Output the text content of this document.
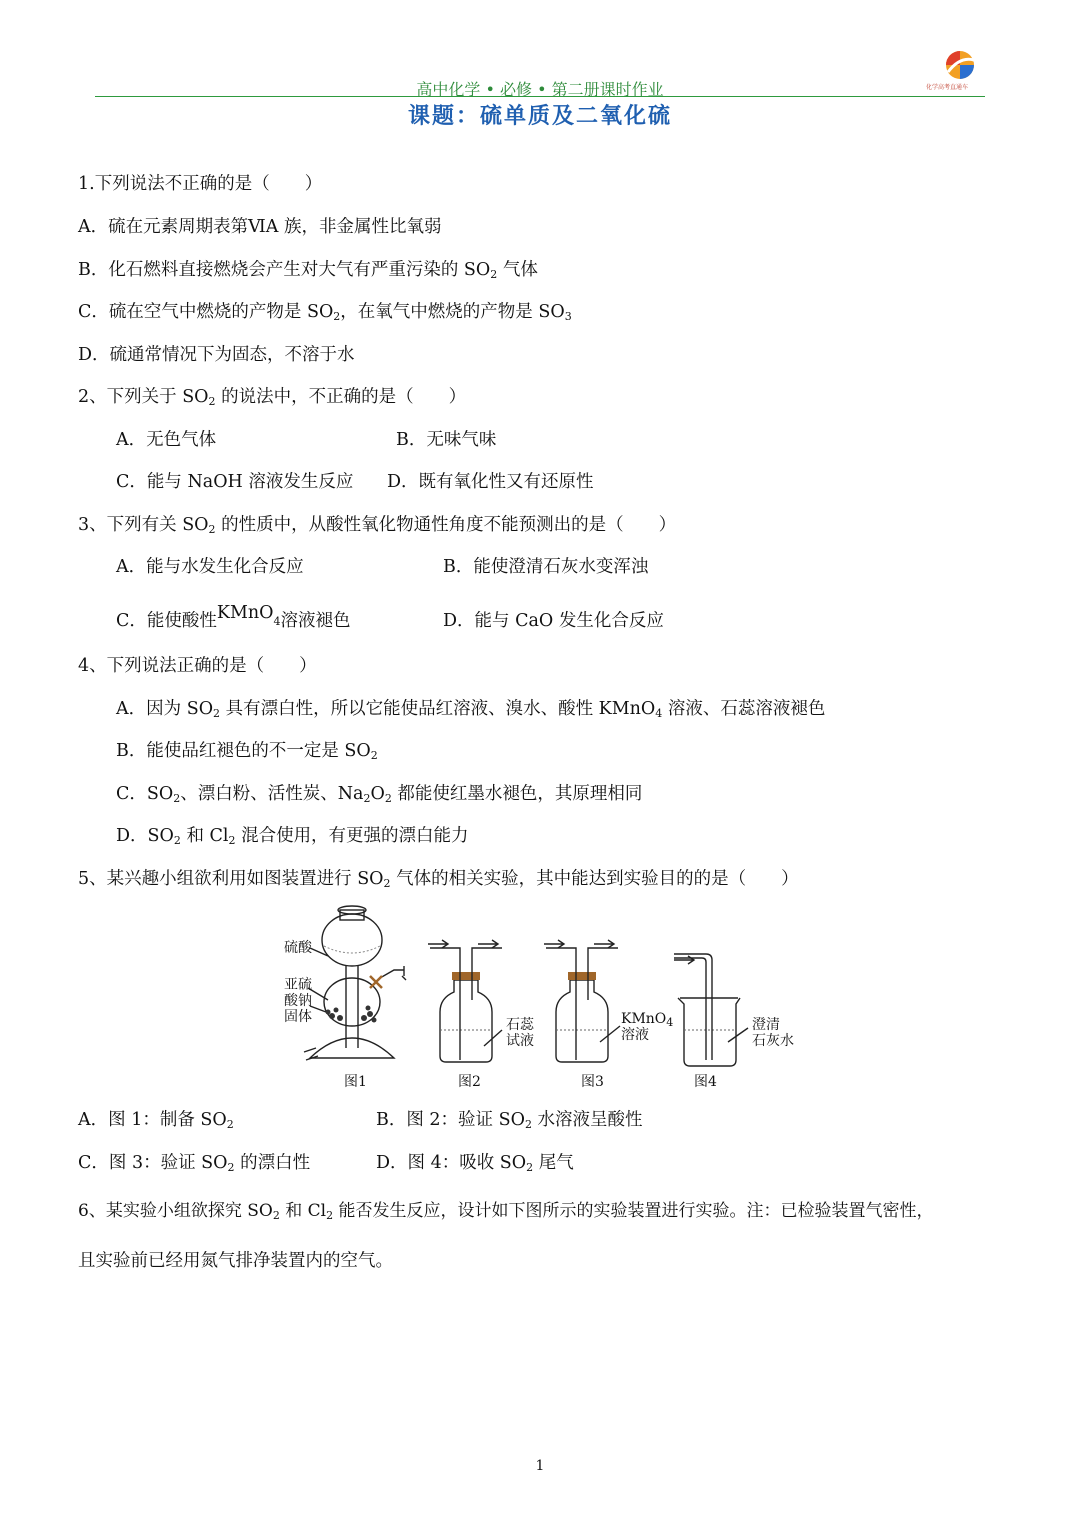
高中化学 • 必修 • 第二册课时作业	化学高考直通车
课题：硫单质及二氧化硫
1.下列说法不正确的是（　　）
A．硫在元素周期表第ⅥA 族，非金属性比氧弱
B．化石燃料直接燃烧会产生对大气有严重污染的 $SO_2$ 气体
C．硫在空气中燃烧的产物是 $SO_2$，在氧气中燃烧的产物是 $SO_3$
D．硫通常情况下为固态，不溶于水
2、下列关于 $SO_2$ 的说法中，不正确的是（　　）
A．无色气体	B．无味气味
C．能与 NaOH 溶液发生反应 D．既有氧化性又有还原性
3、下列有关 $SO_2$ 的性质中，从酸性氧化物通性角度不能预测出的是（　　）
A．能与水发生化合反应	B．能使澄清石灰水变浑浊
C．能使酸性KMnO$_4$溶液褪色	D．能与 CaO 发生化合反应
4、下列说法正确的是（　　）
A．因为 $SO_2$ 具有漂白性，所以它能使品红溶液、溴水、酸性 KMnO$_4$ 溶液、石蕊溶液褪色
B．能使品红褪色的不一定是 $SO_2$
C．$SO_2$、漂白粉、活性炭、$Na_2O_2$ 都能使红墨水褪色，其原理相同
D．$SO_2$ 和 $Cl_2$ 混合使用，有更强的漂白能力
5、某兴趣小组欲利用如图装置进行 $SO_2$ 气体的相关实验，其中能达到实验目的的是（　　）
硫酸
亚硫
酸钠
固体	石蕊
试液
KMnO$_4$
溶液
澄清
石灰水
图1	图2	图3	图4
A．图 1：制备 $SO_2$	B．图 2：验证 $SO_2$ 水溶液呈酸性
C．图 3：验证 $SO_2$ 的漂白性	D．图 4：吸收 $SO_2$ 尾气
6、某实验小组欲探究 $SO_2$ 和 $Cl_2$ 能否发生反应，设计如下图所示的实验装置进行实验。注：已检验装置气密性，
且实验前已经用氮气排净装置内的空气。
1
